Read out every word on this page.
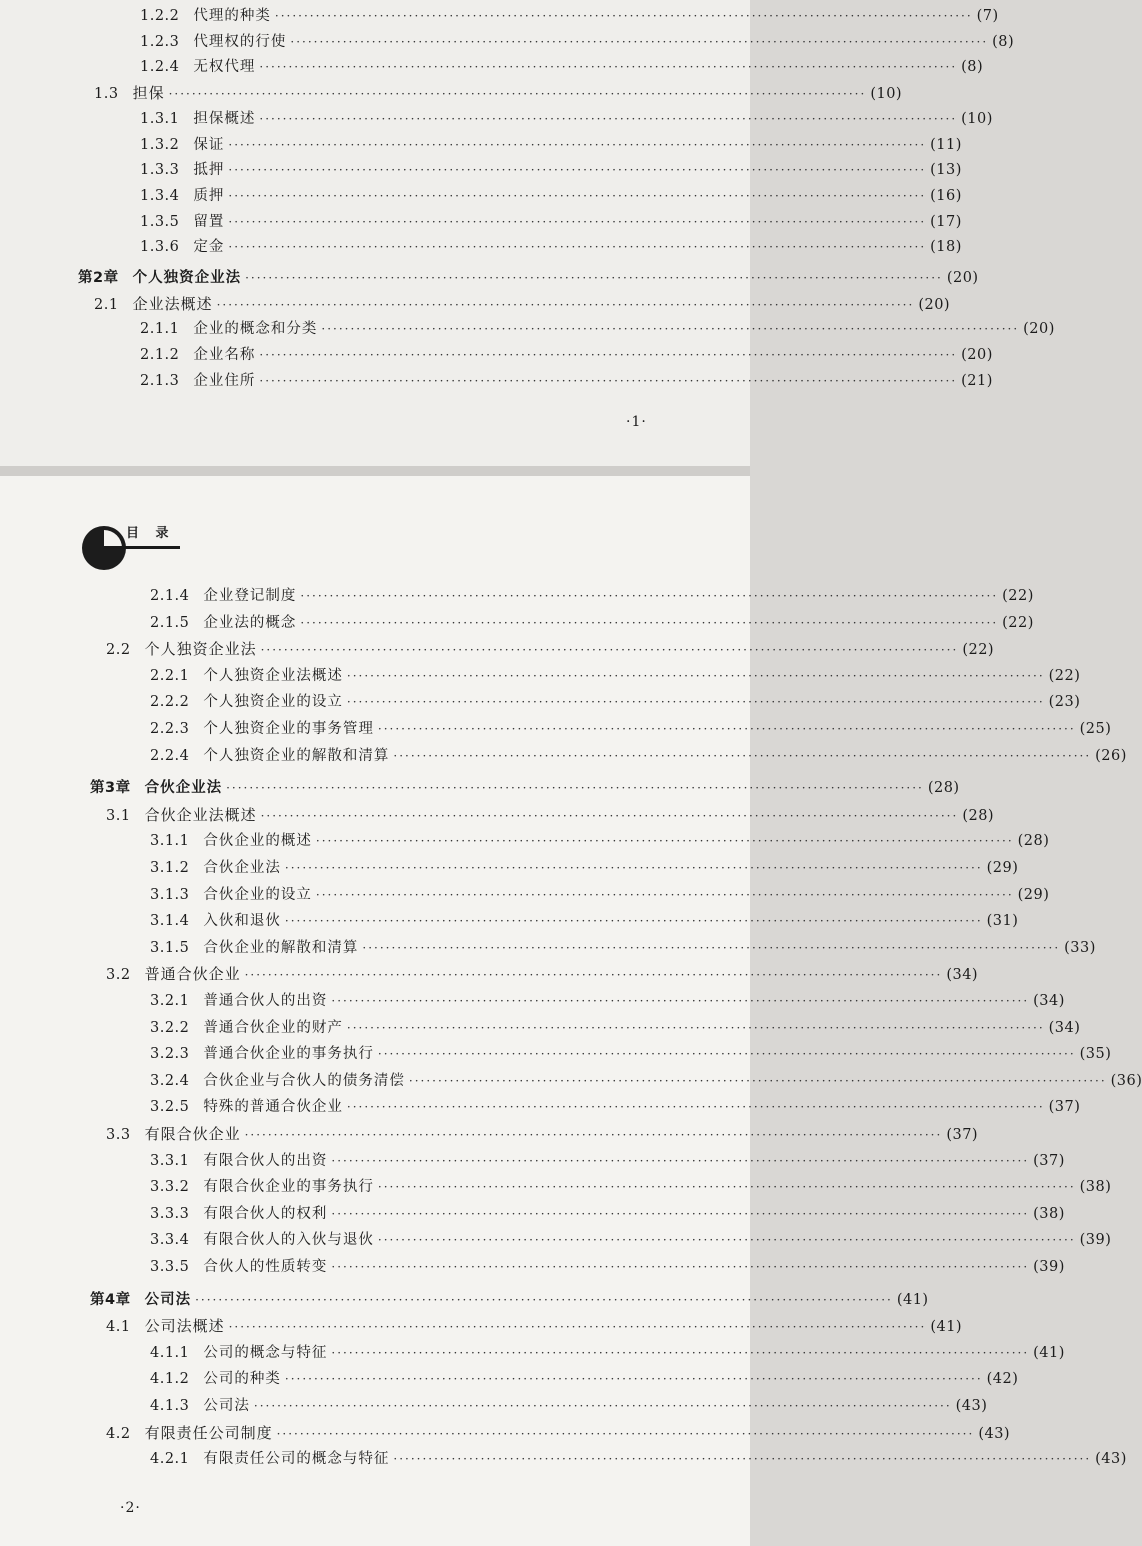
1.2.2 代理的种类 ························································································································ (7)
1.2.3 代理权的行使 ························································································································ (8)
1.2.4 无权代理 ························································································································ (8)
1.3 担保 ························································································································ (10)
1.3.1 担保概述 ························································································································ (10)
1.3.2 保证 ························································································································ (11)
1.3.3 抵押 ························································································································ (13)
1.3.4 质押 ························································································································ (16)
1.3.5 留置 ························································································································ (17)
1.3.6 定金 ························································································································ (18)
第2章 个人独资企业法 ························································································································ (20)
2.1 企业法概述 ························································································································ (20)
2.1.1 企业的概念和分类 ························································································································ (20)
2.1.2 企业名称 ························································································································ (20)
2.1.3 企业住所 ························································································································ (21)
·1·
目 录
2.1.4 企业登记制度 ························································································································ (22)
2.1.5 企业法的概念 ························································································································ (22)
2.2 个人独资企业法 ························································································································ (22)
2.2.1 个人独资企业法概述 ························································································································ (22)
2.2.2 个人独资企业的设立 ························································································································ (23)
2.2.3 个人独资企业的事务管理 ························································································································ (25)
2.2.4 个人独资企业的解散和清算 ························································································································ (26)
第3章 合伙企业法 ························································································································ (28)
3.1 合伙企业法概述 ························································································································ (28)
3.1.1 合伙企业的概述 ························································································································ (28)
3.1.2 合伙企业法 ························································································································ (29)
3.1.3 合伙企业的设立 ························································································································ (29)
3.1.4 入伙和退伙 ························································································································ (31)
3.1.5 合伙企业的解散和清算 ························································································································ (33)
3.2 普通合伙企业 ························································································································ (34)
3.2.1 普通合伙人的出资 ························································································································ (34)
3.2.2 普通合伙企业的财产 ························································································································ (34)
3.2.3 普通合伙企业的事务执行 ························································································································ (35)
3.2.4 合伙企业与合伙人的债务清偿 ························································································································ (36)
3.2.5 特殊的普通合伙企业 ························································································································ (37)
3.3 有限合伙企业 ························································································································ (37)
3.3.1 有限合伙人的出资 ························································································································ (37)
3.3.2 有限合伙企业的事务执行 ························································································································ (38)
3.3.3 有限合伙人的权利 ························································································································ (38)
3.3.4 有限合伙人的入伙与退伙 ························································································································ (39)
3.3.5 合伙人的性质转变 ························································································································ (39)
第4章 公司法 ························································································································ (41)
4.1 公司法概述 ························································································································ (41)
4.1.1 公司的概念与特征 ························································································································ (41)
4.1.2 公司的种类 ························································································································ (42)
4.1.3 公司法 ························································································································ (43)
4.2 有限责任公司制度 ························································································································ (43)
4.2.1 有限责任公司的概念与特征 ························································································································ (43)
·2·
